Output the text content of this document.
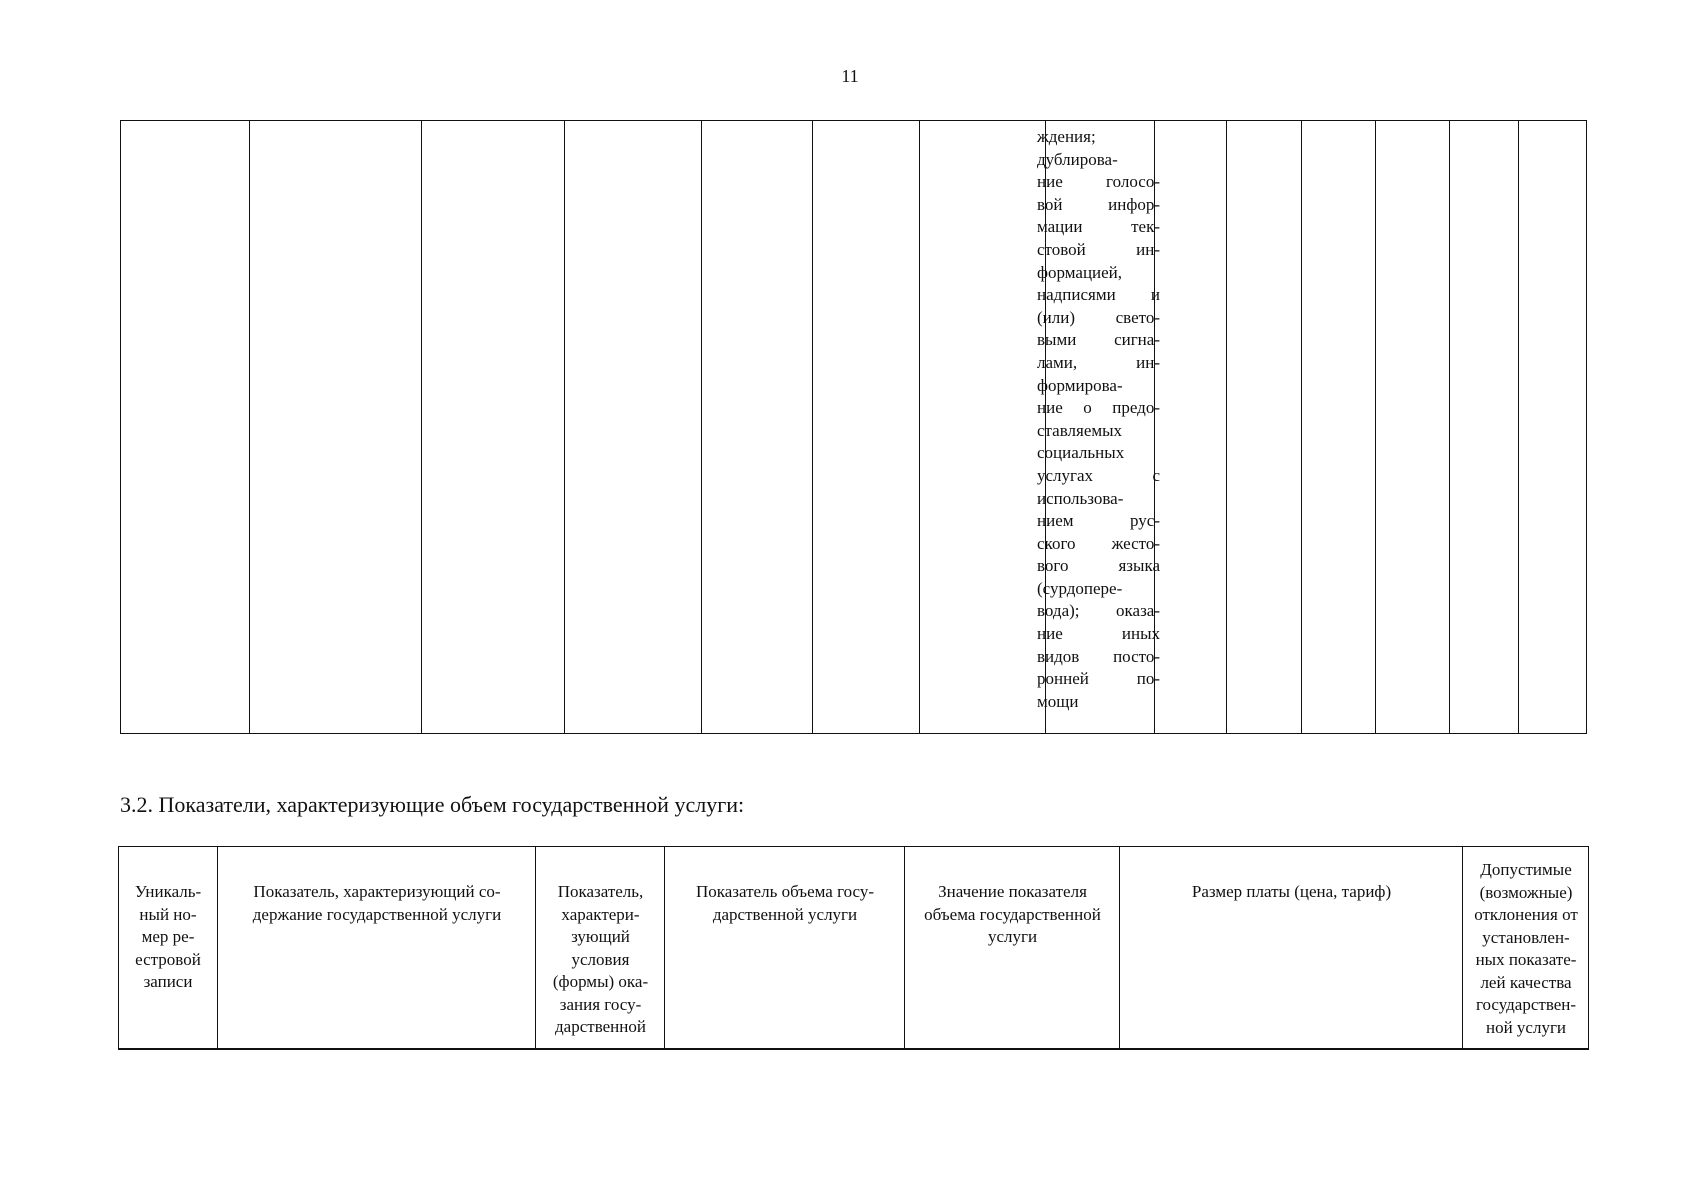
11
ждения;
дублирова-
ние голосо-
вой инфор-
мации тек-
стовой ин-
формацией,
надписями и
(или) свето-
выми сигна-
лами, ин-
формирова-
ние о предо-
ставляемых
социальных
услугах с
использова-
нием рус-
ского жесто-
вого языка
(сурдопере-
вода); оказа-
ние иных
видов посто-
ронней по-
мощи
3.2. Показатели, характеризующие объем государственной услуги:
Уникаль-
ный но-
мер ре-
естровой
записи
Показатель, характеризующий со-
держание государственной услуги
Показатель,
характери-
зующий
условия
(формы) ока-
зания госу-
дарственной
Показатель объема госу-
дарственной услуги
Значение показателя
объема государственной
услуги
Размер платы (цена, тариф)
Допустимые
(возможные)
отклонения от
установлен-
ных показате-
лей качества
государствен-
ной услуги
